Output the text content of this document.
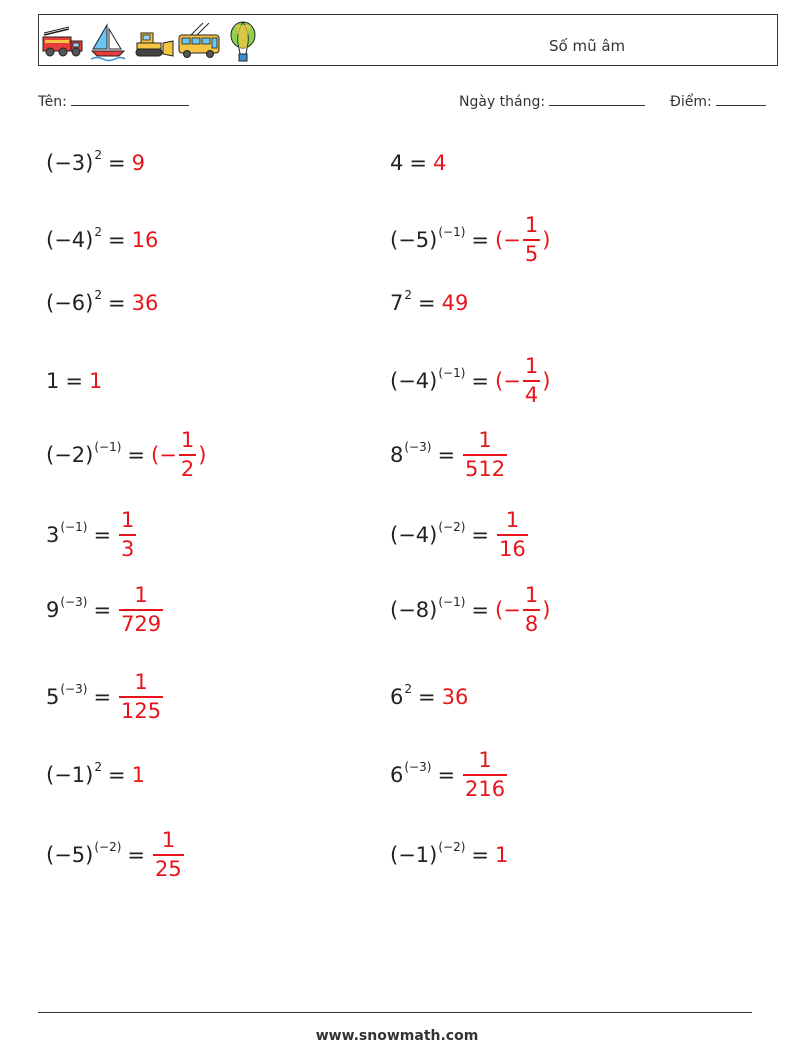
Số mũ âm
Tên:	Ngày tháng:	Điểm:
$(-3)^2 = 9$	4 = 4
$(-4)^2 = 16$	$(-5)^{(-1)}$ = (− $\frac{1}{5}$ )
$(-6)^2 = 36$	$7^2 = 49$
1 = 1	$(-4)^{(-1)}$ = (− $\frac{1}{4}$ )
$(-2)^{(-1)}$ = (− $\frac{1}{2}$ )	$8^{(-3)} = \frac{1}{512}$
$3^{(-1)} = \frac{1}{3}$	$(-4)^{(-2)} = \frac{1}{16}$
$9^{(-3)} = \frac{1}{729}$	$(-8)^{(-1)}$ = (− $\frac{1}{8}$ )
$5^{(-3)} = \frac{1}{125}$	$6^2 = 36$
$(-1)^2 = 1$	$6^{(-3)} = \frac{1}{216}$
$(-5)^{(-2)} = \frac{1}{25}$	$(-1)^{(-2)} = 1$
www.snowmath.com
